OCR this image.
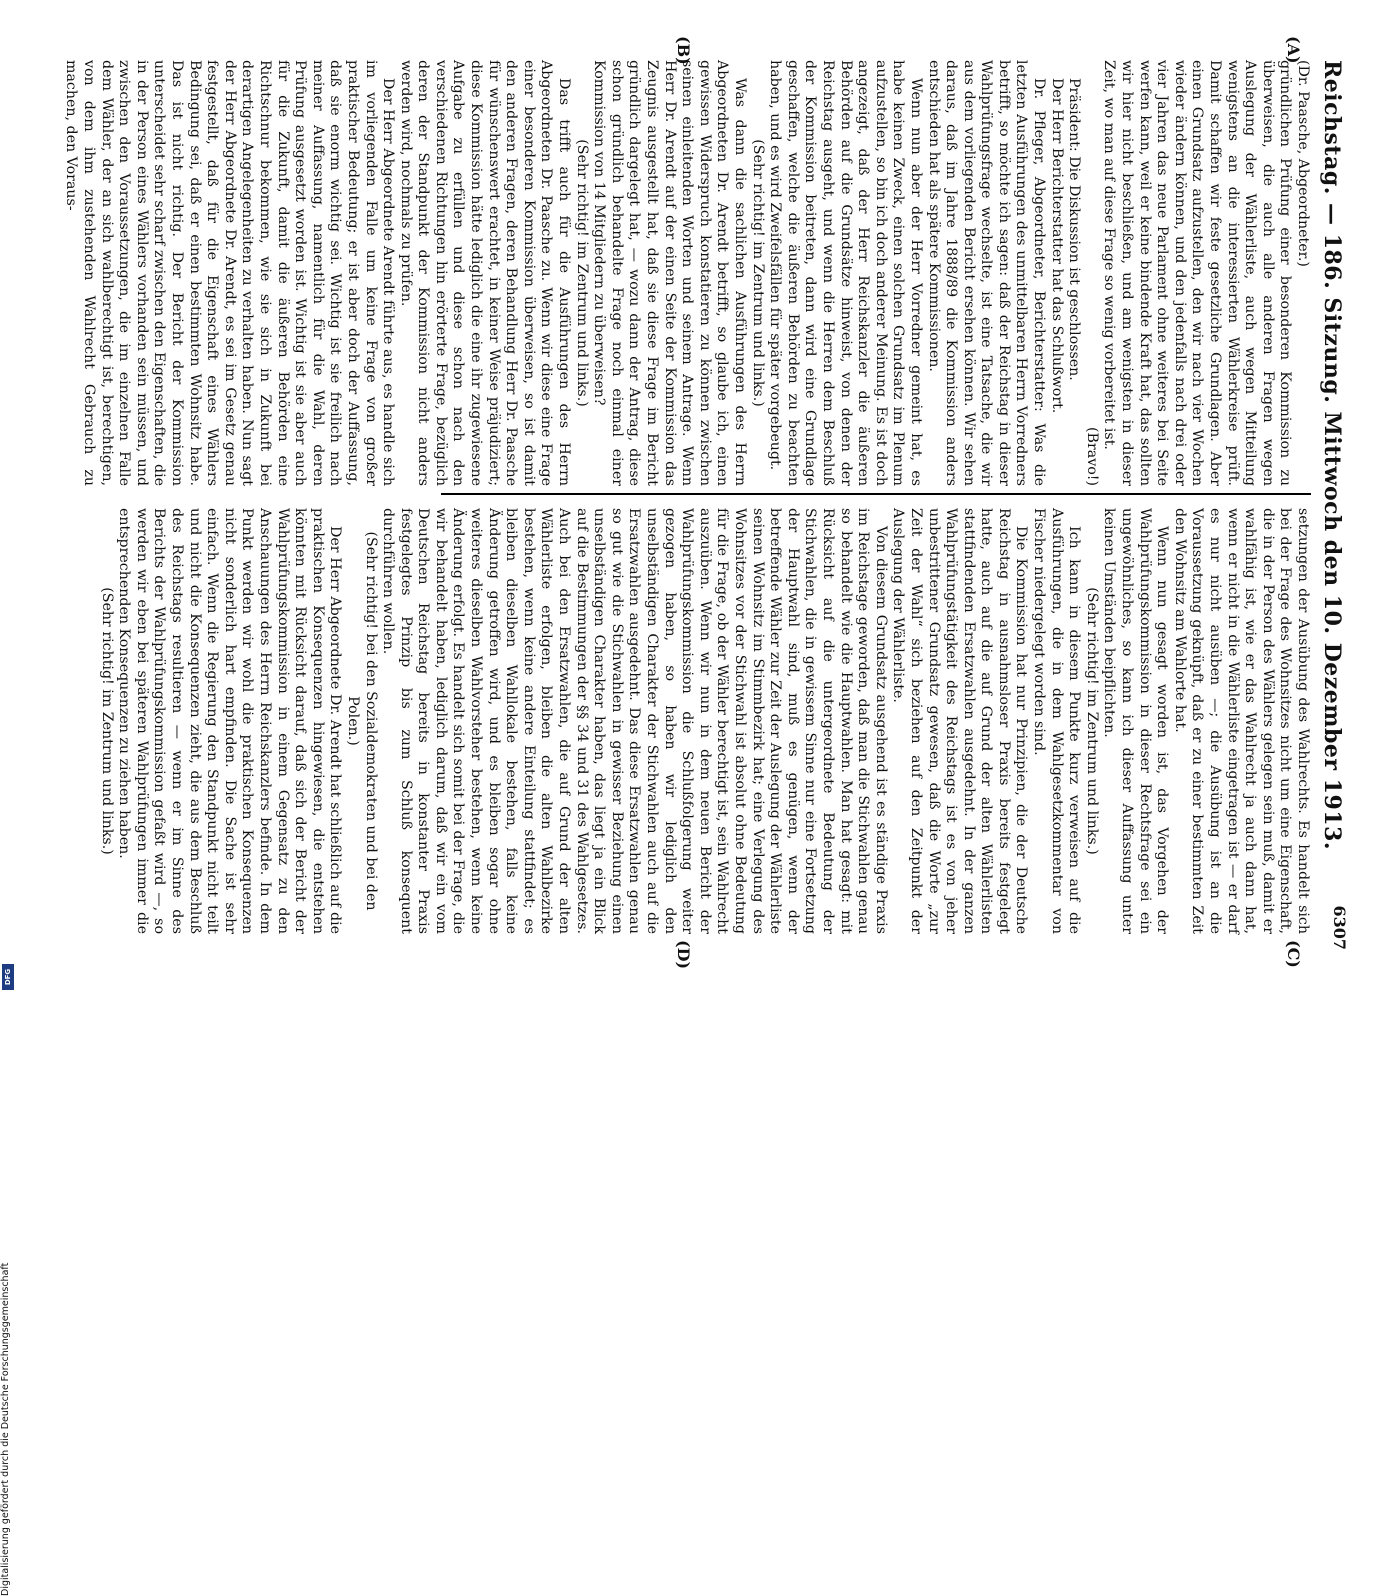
Reichstag. — 186. Sitzung. Mittwoch den 10. Dezember 1913.
6307
(A)
(B)
(C)
(D)

(Dr. Paasche, Abgeordneter.)

gründlichen Prüfung einer besonderen Kommission zu überweisen, die auch alle anderen Fragen wegen Auslegung der Wählerliste, auch wegen Mitteilung wenigstens an die interessierten Wählerkreise prüft. Damit schaffen wir feste gesetzliche Grundlagen. Aber einen Grundsatz aufzustellen, den wir nach vier Wochen wieder ändern können, und den jedenfalls nach drei oder vier Jahren das neue Parlament ohne weiteres bei Seite werfen kann, weil er keine bindende Kraft hat, das sollten wir hier nicht beschließen, und am wenigsten in dieser Zeit, wo man auf diese Frage so wenig vorbereitet ist.

(Bravo!)

Präsident: Die Diskussion ist geschlossen.

Der Herr Berichterstatter hat das Schlußwort.

Dr. Pfleger, Abgeordneter, Berichterstatter: Was die letzten Ausführungen des unmittelbaren Herrn Vorredners betrifft, so möchte ich sagen: daß der Reichstag in dieser Wahlprüfungsfrage wechselte, ist eine Tatsache, die wir aus dem vorliegenden Bericht ersehen können. Wir sehen daraus, daß im Jahre 1888/89 die Kommission anders entschieden hat als spätere Kommissionen.

Wenn nun aber der Herr Vorredner gemeint hat, es habe keinen Zweck, einen solchen Grundsatz im Plenum aufzustellen, so bin ich doch anderer Meinung. Es ist doch angezeigt, daß der Herr Reichskanzler die äußeren Behörden auf die Grundsätze hinweist, von denen der Reichstag ausgeht, und wenn die Herren dem Beschluß der Kommission beitreten, dann wird eine Grundlage geschaffen, welche die äußeren Behörden zu beachten haben, und es wird Zweifelsfällen für später vorgebeugt.

(Sehr richtig! im Zentrum und links.)

Was dann die sachlichen Ausführungen des Herrn Abgeordneten Dr. Arendt betrifft, so glaube ich, einen gewissen Widerspruch konstatieren zu können zwischen seinen einleitenden Worten und seinem Antrage. Wenn Herr Dr. Arendt auf der einen Seite der Kommission das Zeugnis ausgestellt hat, daß sie diese Frage im Bericht gründlich dargelegt hat, — wozu dann der Antrag, diese schon gründlich behandelte Frage noch einmal einer Kommission von 14 Mitgliedern zu überweisen?

(Sehr richtig! im Zentrum und links.)

Das trifft auch für die Ausführungen des Herrn Abgeordneten Dr. Paasche zu. Wenn wir diese eine Frage einer besonderen Kommission überweisen, so ist damit den anderen Fragen, deren Behandlung Herr Dr. Paasche für wünschenswert erachtet, in keiner Weise präjudiziert; diese Kommission hätte lediglich die eine ihr zugewiesene Aufgabe zu erfüllen und diese schon nach den verschiedenen Richtungen hin erörterte Frage, bezüglich deren der Standpunkt der Kommission nicht anders werden wird, nochmals zu prüfen.

Der Herr Abgeordnete Arendt führte aus, es handle sich im vorliegenden Falle um keine Frage von großer praktischer Bedeutung; er ist aber doch der Auffassung, daß sie enorm wichtig sei. Wichtig ist sie freilich nach meiner Auffassung, namentlich für die Wahl, deren Prüfung ausgesetzt worden ist. Wichtig ist sie aber auch für die Zukunft, damit die äußeren Behörden eine Richtschnur bekommen, wie sie sich in Zukunft bei derartigen Angelegenheiten zu verhalten haben. Nun sagt der Herr Abgeordnete Dr. Arendt, es sei im Gesetz genau festgestellt, daß für die Eigenschaft eines Wählers Bedingung sei, daß er einen bestimmten Wohnsitz habe. Das ist nicht richtig. Der Bericht der Kommission unterscheidet sehr scharf zwischen den Eigenschaften, die in der Person eines Wählers vorhanden sein müssen, und zwischen den Voraussetzungen, die im einzelnen Falle dem Wähler, der an sich wahlberechtigt ist, berechtigen, von dem ihm zustehenden Wahlrecht Gebrauch zu machen, den Voraus-

setzungen der Ausübung des Wahlrechts. Es handelt sich bei der Frage des Wohnsitzes nicht um eine Eigenschaft, die in der Person des Wählers gelegen sein muß, damit er wahlfähig ist, wie er das Wahlrecht ja auch dann hat, wenn er nicht in die Wählerliste eingetragen ist — er darf es nur nicht ausüben —; die Ausübung ist an die Voraussetzung geknüpft, daß er zu einer bestimmten Zeit den Wohnsitz am Wahlorte hat.

Wenn nun gesagt worden ist, das Vorgehen der Wahlprüfungskommission in dieser Rechtsfrage sei ein ungewöhnliches, so kann ich dieser Auffassung unter keinen Umständen beipflichten.

(Sehr richtig! im Zentrum und links.)

Ich kann in diesem Punkte kurz verweisen auf die Ausführungen, die in dem Wahlgesetzkommentar von Fischer niedergelegt worden sind.

Die Kommission hat nur Prinzipien, die der Deutsche Reichstag in ausnahmsloser Praxis bereits festgelegt hatte, auch auf die auf Grund der alten Wählerlisten stattfindenden Ersatzwahlen ausgedehnt. In der ganzen Wahlprüfungstätigkeit des Reichstags ist es von jeher unbestrittener Grundsatz gewesen, daß die Worte „zur Zeit der Wahl“ sich beziehen auf den Zeitpunkt der Auslegung der Wählerliste.

Von diesem Grundsatz ausgehend ist es ständige Praxis im Reichstage geworden, daß man die Stichwahlen genau so behandelt wie die Hauptwahlen. Man hat gesagt: mit Rücksicht auf die untergeordnete Bedeutung der Stichwahlen, die in gewissem Sinne nur eine Fortsetzung der Hauptwahl sind, muß es genügen, wenn der betreffende Wähler zur Zeit der Auslegung der Wählerliste seinen Wohnsitz im Stimmbezirk hat; eine Verlegung des Wohnsitzes vor der Stichwahl ist absolut ohne Bedeutung für die Frage, ob der Wähler berechtigt ist, sein Wahlrecht auszuüben. Wenn wir nun in dem neuen Bericht der Wahlprüfungskommission die Schlußfolgerung weiter gezogen haben, so haben wir lediglich den unselbständigen Charakter der Stichwahlen auch auf die Ersatzwahlen ausgedehnt. Das diese Ersatzwahlen genau so gut wie die Stichwahlen in gewisser Beziehung einen unselbständigen Charakter haben, das liegt ja ein Blick auf die Bestimmungen der §§ 34 und 31 des Wahlgesetzes. Auch bei den Ersatzwahlen, die auf Grund der alten Wählerliste erfolgen, bleiben die alten Wahlbezirke bestehen, wenn keine andere Einteilung stattfindet; es bleiben dieselben Wahllokale bestehen, falls keine Änderung getroffen wird, und es bleiben sogar ohne weiteres dieselben Wahlvorsteher bestehen, wenn keine Änderung erfolgt. Es handelt sich somit bei der Frage, die wir behandelt haben, lediglich darum, daß wir ein vom Deutschen Reichstag bereits in konstanter Praxis festgelegtes Prinzip bis zum Schluß konsequent durchführen wollen.

(Sehr richtig! bei den Sozialdemokraten und bei den Polen.)

Der Herr Abgeordnete Dr. Arendt hat schließlich auf die praktischen Konsequenzen hingewiesen, die entstehen könnten mit Rücksicht darauf, daß sich der Bericht der Wahlprüfungskommission in einem Gegensatz zu den Anschauungen des Herrn Reichskanzlers befinde. In dem Punkt werden wir wohl die praktischen Konsequenzen nicht sonderlich hart empfinden. Die Sache ist sehr einfach. Wenn die Regierung den Standpunkt nicht teilt und nicht die Konsequenzen zieht, die aus dem Beschluß des Reichstags resultieren — wenn er im Sinne des Berichts der Wahlprüfungskommission gefaßt wird —, so werden wir eben bei späteren Wahlprüfungen immer die entsprechenden Konsequenzen zu ziehen haben.

(Sehr richtig! im Zentrum und links.)

Digitalisierung gefördert durch die Deutsche Forschungsgemeinschaft
DFG
